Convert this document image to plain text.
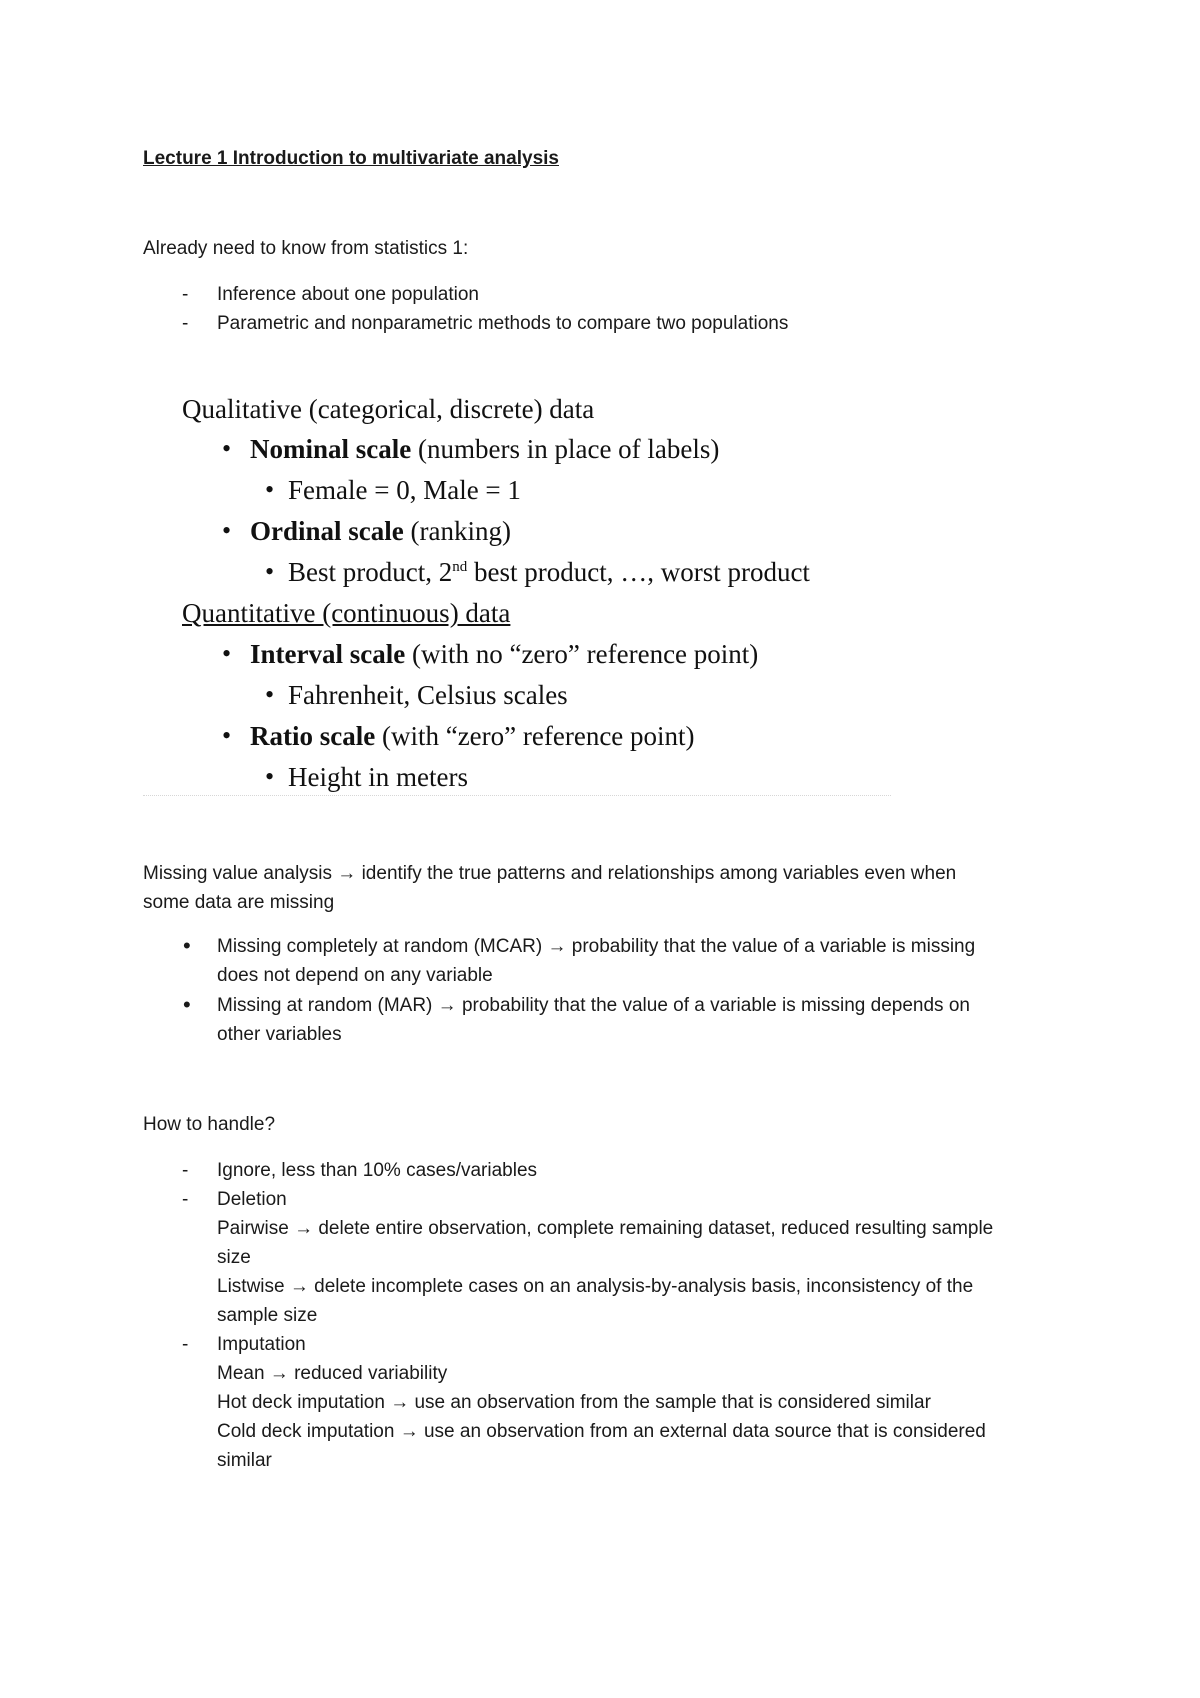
Lecture 1 Introduction to multivariate analysis
Already need to know from statistics 1:
-	Inference about one population
-	Parametric and nonparametric methods to compare two populations
Qualitative (categorical, discrete) data
• Nominal scale (numbers in place of labels)
• Female = 0, Male = 1
• Ordinal scale (ranking)
• Best product, 2nd best product, …, worst product
Quantitative (continuous) data
• Interval scale (with no “zero” reference point)
• Fahrenheit, Celsius scales
• Ratio scale (with “zero” reference point)
• Height in meters
Missing value analysis → identify the true patterns and relationships among variables even when
some data are missing
• Missing completely at random (MCAR) → probability that the value of a variable is missing
does not depend on any variable
• Missing at random (MAR) → probability that the value of a variable is missing depends on
other variables
How to handle?
-	Ignore, less than 10% cases/variables
-	Deletion
Pairwise → delete entire observation, complete remaining dataset, reduced resulting sample
size
Listwise → delete incomplete cases on an analysis-by-analysis basis, inconsistency of the
sample size
-	Imputation
Mean → reduced variability
Hot deck imputation → use an observation from the sample that is considered similar
Cold deck imputation → use an observation from an external data source that is considered
similar
